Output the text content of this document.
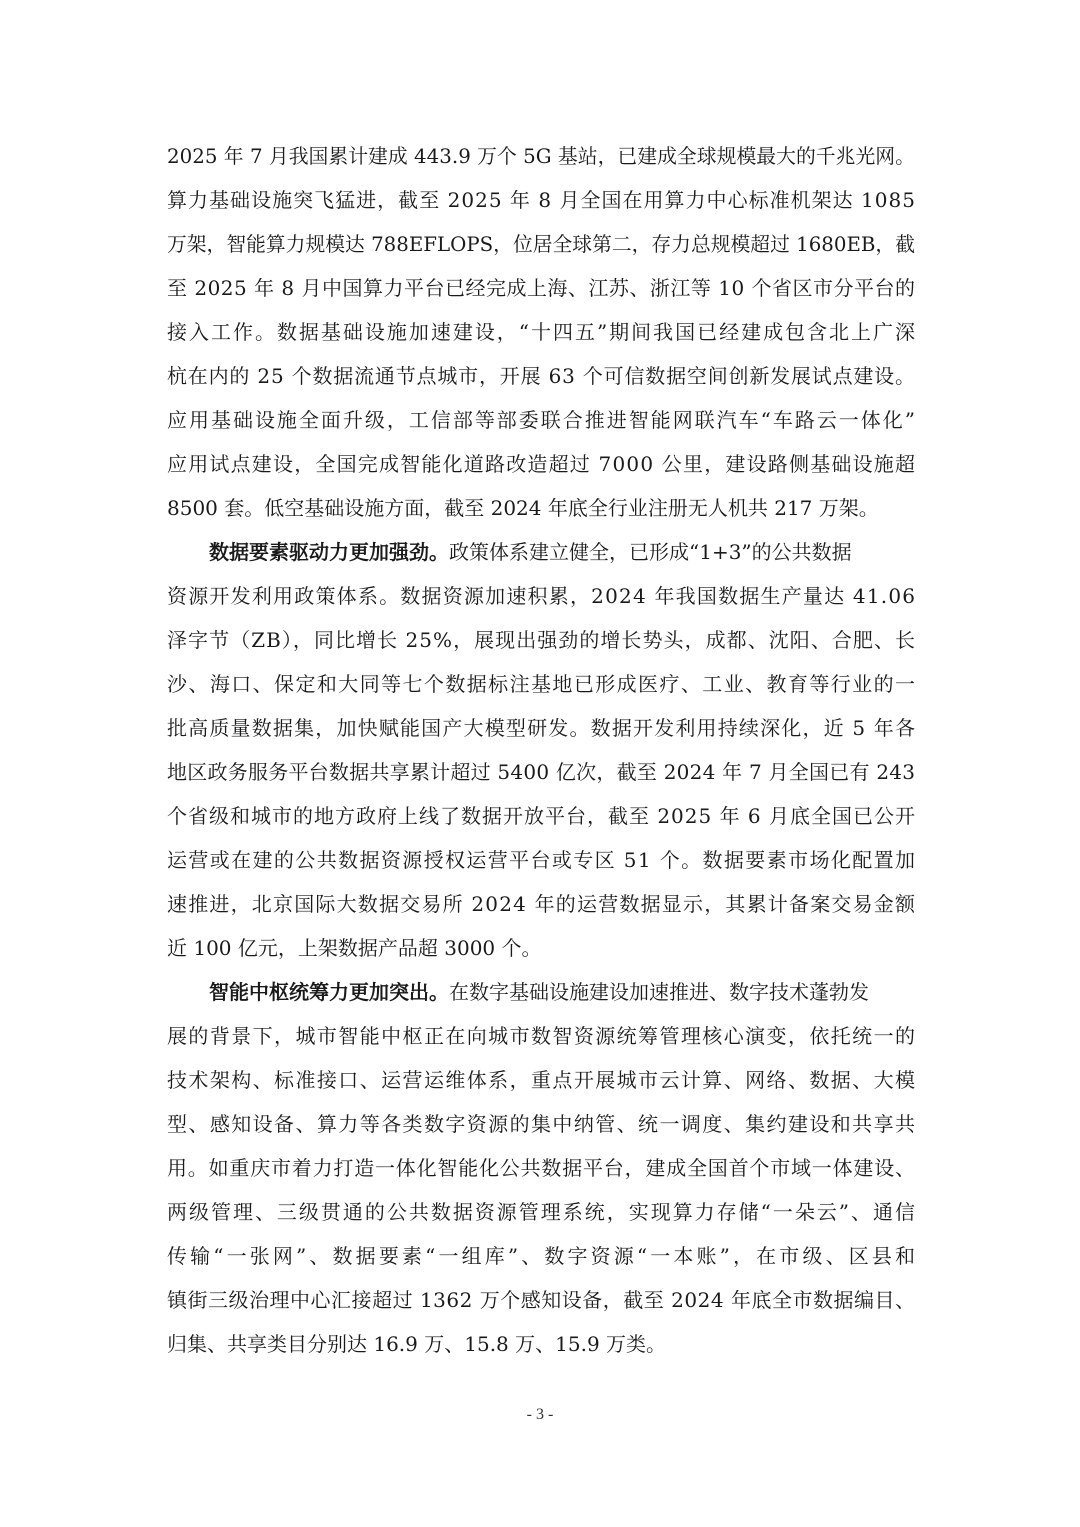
2025 年 7 月我国累计建成 443.9 万个 5G 基站，已建成全球规模最大的千兆光网。
算力基础设施突飞猛进，截至 2025 年 8 月全国在用算力中心标准机架达 1085
万架，智能算力规模达 788EFLOPS，位居全球第二，存力总规模超过 1680EB，截
至 2025 年 8 月中国算力平台已经完成上海、江苏、浙江等 10 个省区市分平台的
接入工作。数据基础设施加速建设，“十四五”期间我国已经建成包含北上广深
杭在内的 25 个数据流通节点城市，开展 63 个可信数据空间创新发展试点建设。
应用基础设施全面升级，工信部等部委联合推进智能网联汽车“车路云一体化”
应用试点建设，全国完成智能化道路改造超过 7000 公里，建设路侧基础设施超
8500 套。低空基础设施方面，截至 2024 年底全行业注册无人机共 217 万架。
数据要素驱动力更加强劲。 政策体系建立健全，已形成“1+3”的公共数据
资源开发利用政策体系。数据资源加速积累，2024 年我国数据生产量达 41.06
泽字节（ZB），同比增长 25%，展现出强劲的增长势头，成都、沈阳、合肥、长
沙、海口、保定和大同等七个数据标注基地已形成医疗、工业、教育等行业的一
批高质量数据集，加快赋能国产大模型研发。数据开发利用持续深化，近 5 年各
地区政务服务平台数据共享累计超过 5400 亿次，截至 2024 年 7 月全国已有 243
个省级和城市的地方政府上线了数据开放平台，截至 2025 年 6 月底全国已公开
运营或在建的公共数据资源授权运营平台或专区 51 个。数据要素市场化配置加
速推进，北京国际大数据交易所 2024 年的运营数据显示，其累计备案交易金额
近 100 亿元，上架数据产品超 3000 个。
智能中枢统筹力更加突出。 在数字基础设施建设加速推进、数字技术蓬勃发
展的背景下，城市智能中枢正在向城市数智资源统筹管理核心演变，依托统一的
技术架构、标准接口、运营运维体系，重点开展城市云计算、网络、数据、大模
型、感知设备、算力等各类数字资源的集中纳管、统一调度、集约建设和共享共
用。如重庆市着力打造一体化智能化公共数据平台，建成全国首个市域一体建设、
两级管理、三级贯通的公共数据资源管理系统，实现算力存储“一朵云”、通信
传输“一张网”、数据要素“一组库”、数字资源“一本账”，在市级、区县和
镇街三级治理中心汇接超过 1362 万个感知设备，截至 2024 年底全市数据编目、
归集、共享类目分别达 16.9 万、15.8 万、15.9 万类。
- 3 -
